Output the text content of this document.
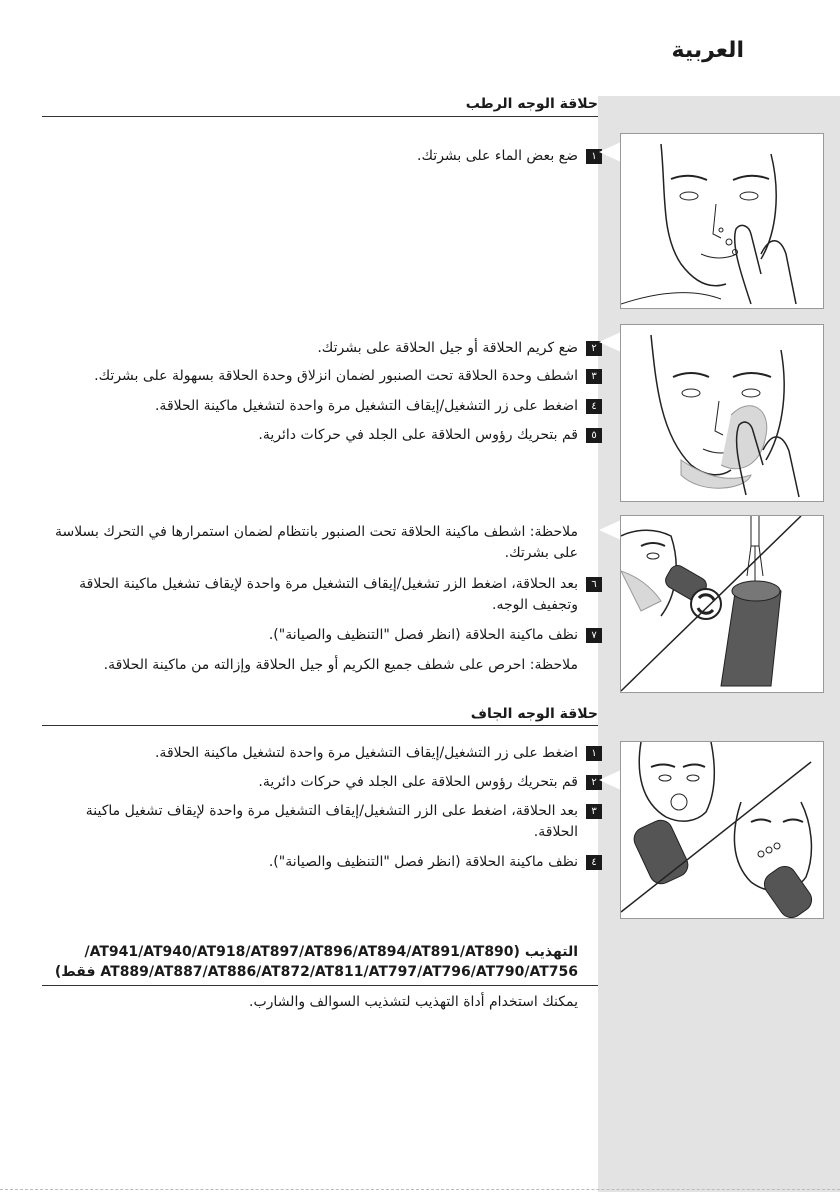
العربية
حلاقة الوجه الرطب
١
ضع بعض الماء على بشرتك.
٢
ضع كريم الحلاقة أو جيل الحلاقة على بشرتك.
٣
اشطف وحدة الحلاقة تحت الصنبور لضمان انزلاق وحدة الحلاقة بسهولة على بشرتك.
٤
اضغط على زر التشغيل/إيقاف التشغيل مرة واحدة لتشغيل ماكينة الحلاقة.
٥
قم بتحريك رؤوس الحلاقة على الجلد في حركات دائرية.
ملاحظة: اشطف ماكينة الحلاقة تحت الصنبور بانتظام لضمان استمرارها في التحرك بسلاسة على بشرتك.
٦
بعد الحلاقة، اضغط الزر تشغيل/إيقاف التشغيل مرة واحدة لإيقاف تشغيل ماكينة الحلاقة وتجفيف الوجه.
٧
نظف ماكينة الحلاقة (انظر فصل "التنظيف والصيانة").
ملاحظة: احرص على شطف جميع الكريم أو جيل الحلاقة وإزالته من ماكينة الحلاقة.
حلاقة الوجه الجاف
١
اضغط على زر التشغيل/إيقاف التشغيل مرة واحدة لتشغيل ماكينة الحلاقة.
٢
قم بتحريك رؤوس الحلاقة على الجلد في حركات دائرية.
٣
بعد الحلاقة، اضغط على الزر التشغيل/إيقاف التشغيل مرة واحدة لإيقاف تشغيل ماكينة الحلاقة.
٤
نظف ماكينة الحلاقة (انظر فصل "التنظيف والصيانة").
التهذيب (AT941/AT940/AT918/AT897/AT896/AT894/AT891/AT890/
AT889/AT887/AT886/AT872/AT811/AT797/AT796/AT790/AT756 فقط)
يمكنك استخدام أداة التهذيب لتشذيب السوالف والشارب.
